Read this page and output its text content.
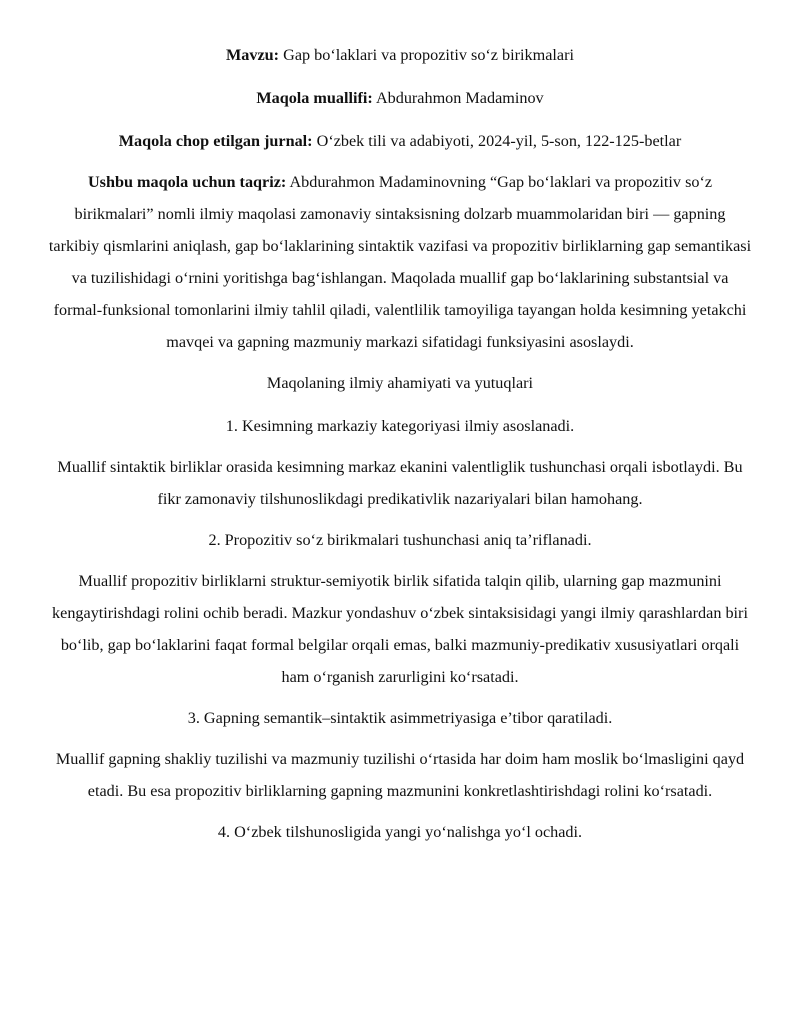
Mavzu: Gap bo‘laklari va propozitiv so‘z birikmalari

Maqola muallifi: Abdurahmon Madaminov

Maqola chop etilgan jurnal: O‘zbek tili va adabiyoti, 2024-yil, 5-son, 122-125-betlar

Ushbu maqola uchun taqriz: Abdurahmon Madaminovning “Gap bo‘laklari va propozitiv so‘z birikmalari” nomli ilmiy maqolasi zamonaviy sintaksisning dolzarb muammolaridan biri — gapning tarkibiy qismlarini aniqlash, gap bo‘laklarining sintaktik vazifasi va propozitiv birliklarning gap semantikasi va tuzilishidagi o‘rnini yoritishga bag‘ishlangan. Maqolada muallif gap bo‘laklarining substantsial va formal-funksional tomonlarini ilmiy tahlil qiladi, valentlilik tamoyiliga tayangan holda kesimning yetakchi mavqei va gapning mazmuniy markazi sifatidagi funksiyasini asoslaydi.

Maqolaning ilmiy ahamiyati va yutuqlari

1. Kesimning markaziy kategoriyasi ilmiy asoslanadi.

Muallif sintaktik birliklar orasida kesimning markaz ekanini valentliglik tushunchasi orqali isbotlaydi. Bu fikr zamonaviy tilshunoslikdagi predikativlik nazariyalari bilan hamohang.

2. Propozitiv so‘z birikmalari tushunchasi aniq ta’riflanadi.

Muallif propozitiv birliklarni struktur-semiyotik birlik sifatida talqin qilib, ularning gap mazmunini kengaytirishdagi rolini ochib beradi. Mazkur yondashuv o‘zbek sintaksisidagi yangi ilmiy qarashlardan biri bo‘lib, gap bo‘laklarini faqat formal belgilar orqali emas, balki mazmuniy-predikativ xususiyatlari orqali ham o‘rganish zarurligini ko‘rsatadi.

3. Gapning semantik–sintaktik asimmetriyasiga e’tibor qaratiladi.

Muallif gapning shakliy tuzilishi va mazmuniy tuzilishi o‘rtasida har doim ham moslik bo‘lmasligini qayd etadi. Bu esa propozitiv birliklarning gapning mazmunini konkretlashtirishdagi rolini ko‘rsatadi.

4. O‘zbek tilshunosligida yangi yo‘nalishga yo‘l ochadi.
